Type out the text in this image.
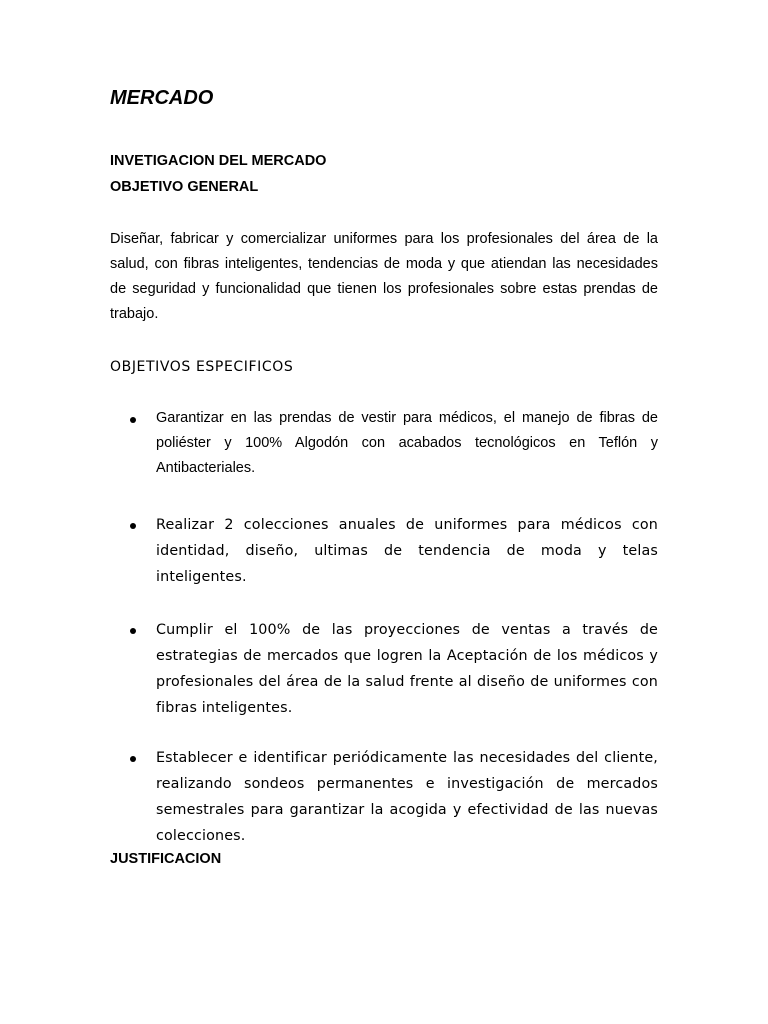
MERCADO
INVETIGACION DEL MERCADO
OBJETIVO GENERAL

Diseñar, fabricar y comercializar uniformes para los profesionales del área de la salud, con fibras inteligentes, tendencias de moda y que atiendan las necesidades de seguridad y funcionalidad que tienen los profesionales sobre estas prendas de trabajo.

OBJETIVOS ESPECIFICOS

Garantizar en las prendas de vestir para médicos, el manejo de fibras de poliéster y 100% Algodón con acabados tecnológicos en Teflón y Antibacteriales.

Realizar 2 colecciones anuales de uniformes para médicos con identidad, diseño, ultimas de tendencia de moda y telas inteligentes.

Cumplir el 100% de las proyecciones de ventas a través de estrategias de mercados que logren la Aceptación de los médicos y profesionales del área de la salud frente al diseño de uniformes con fibras inteligentes.

Establecer e identificar periódicamente las necesidades del cliente, realizando sondeos permanentes e investigación de mercados semestrales para garantizar la acogida y efectividad de las nuevas colecciones.

JUSTIFICACION
